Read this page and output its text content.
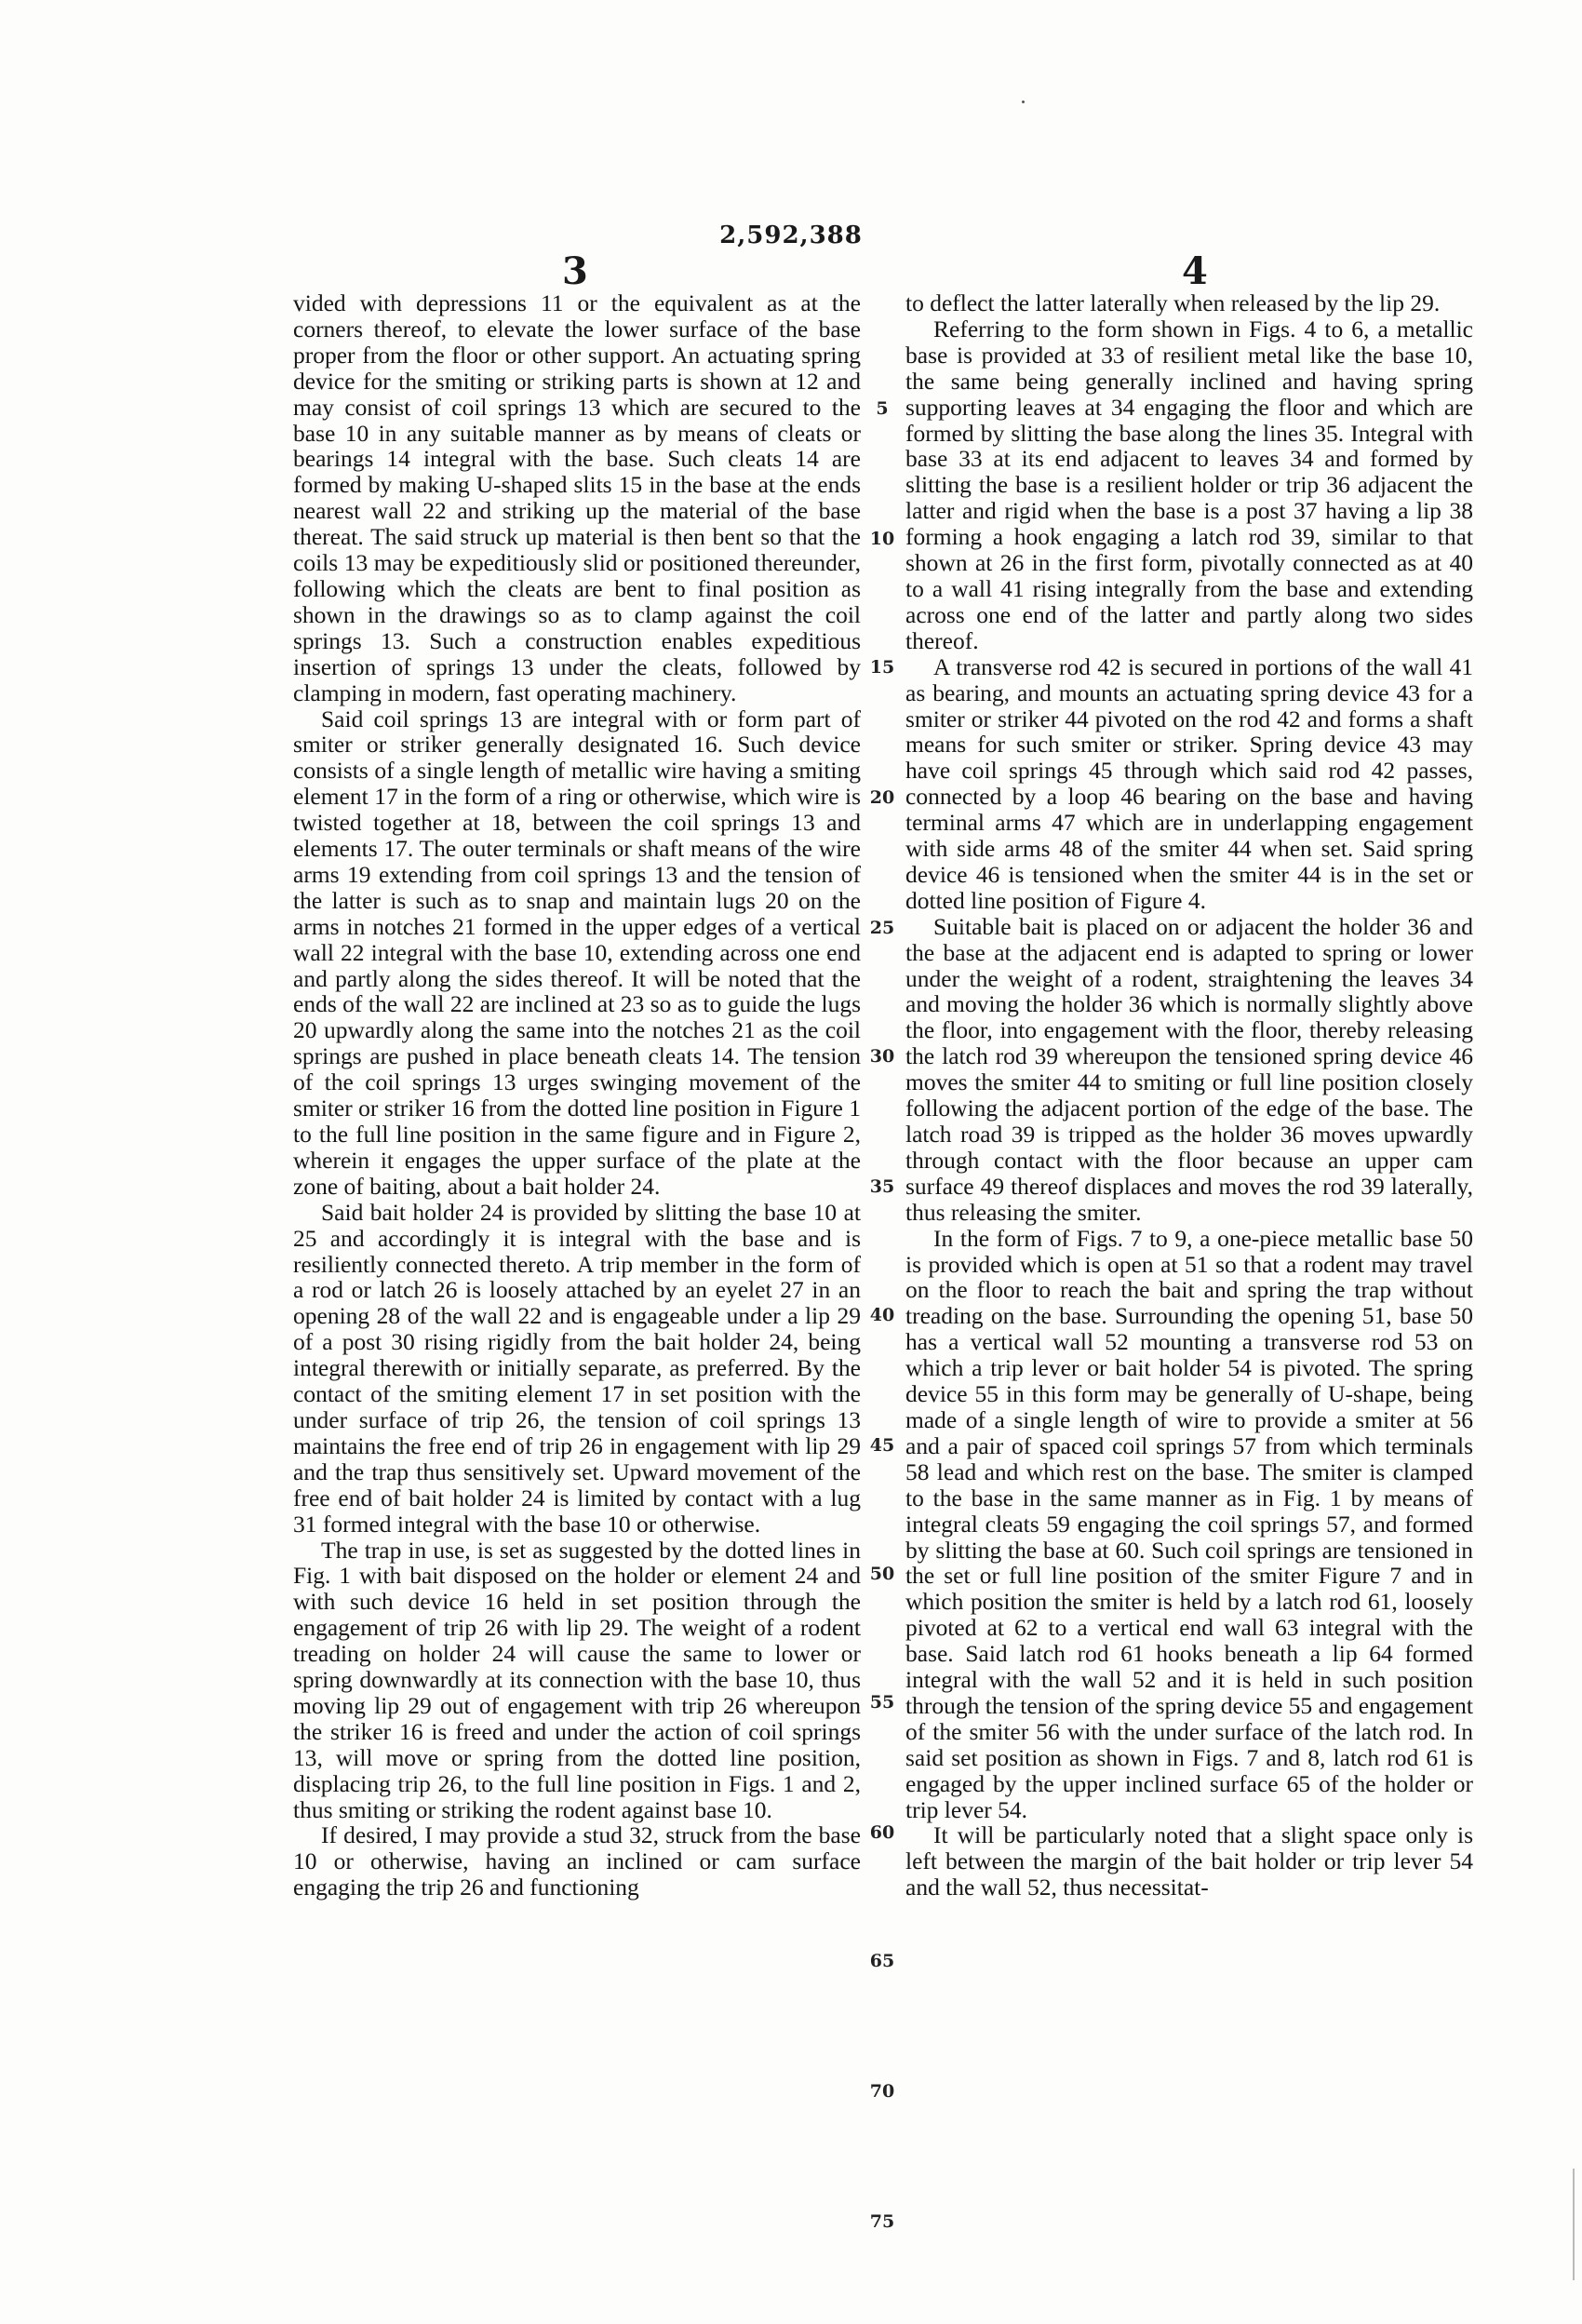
2,592,388
3	4

vided with depressions 11 or the equivalent as at the corners thereof, to elevate the lower surface of the base proper from the floor or other support. An actuating spring device for the smiting or striking parts is shown at 12 and may consist of coil springs 13 which are secured to the base 10 in any suitable manner as by means of cleats or bearings 14 integral with the base. Such cleats 14 are formed by making U-shaped slits 15 in the base at the ends nearest wall 22 and striking up the material of the base thereat. The said struck up material is then bent so that the coils 13 may be expeditiously slid or positioned thereunder, following which the cleats are bent to final position as shown in the drawings so as to clamp against the coil springs 13. Such a construction enables expeditious insertion of springs 13 under the cleats, followed by clamping in modern, fast operating machinery.

Said coil springs 13 are integral with or form part of smiter or striker generally designated 16. Such device consists of a single length of metallic wire having a smiting element 17 in the form of a ring or otherwise, which wire is twisted together at 18, between the coil springs 13 and elements 17. The outer terminals or shaft means of the wire arms 19 extending from coil springs 13 and the tension of the latter is such as to snap and maintain lugs 20 on the arms in notches 21 formed in the upper edges of a vertical wall 22 integral with the base 10, extending across one end and partly along the sides thereof. It will be noted that the ends of the wall 22 are inclined at 23 so as to guide the lugs 20 upwardly along the same into the notches 21 as the coil springs are pushed in place beneath cleats 14. The tension of the coil springs 13 urges swinging movement of the smiter or striker 16 from the dotted line position in Figure 1 to the full line position in the same figure and in Figure 2, wherein it engages the upper surface of the plate at the zone of baiting, about a bait holder 24.

Said bait holder 24 is provided by slitting the base 10 at 25 and accordingly it is integral with the base and is resiliently connected thereto. A trip member in the form of a rod or latch 26 is loosely attached by an eyelet 27 in an opening 28 of the wall 22 and is engageable under a lip 29 of a post 30 rising rigidly from the bait holder 24, being integral therewith or initially separate, as preferred. By the contact of the smiting element 17 in set position with the under surface of trip 26, the tension of coil springs 13 maintains the free end of trip 26 in engagement with lip 29 and the trap thus sensitively set. Upward movement of the free end of bait holder 24 is limited by contact with a lug 31 formed integral with the base 10 or otherwise.

The trap in use, is set as suggested by the dotted lines in Fig. 1 with bait disposed on the holder or element 24 and with such device 16 held in set position through the engagement of trip 26 with lip 29. The weight of a rodent treading on holder 24 will cause the same to lower or spring downwardly at its connection with the base 10, thus moving lip 29 out of engagement with trip 26 whereupon the striker 16 is freed and under the action of coil springs 13, will move or spring from the dotted line position, displacing trip 26, to the full line position in Figs. 1 and 2, thus smiting or striking the rodent against base 10.

If desired, I may provide a stud 32, struck from the base 10 or otherwise, having an inclined or cam surface engaging the trip 26 and functioning

5
10
15
20
25
30
35
40
45
50
55
60
65
70
75

to deflect the latter laterally when released by the lip 29.

Referring to the form shown in Figs. 4 to 6, a metallic base is provided at 33 of resilient metal like the base 10, the same being generally inclined and having spring supporting leaves at 34 engaging the floor and which are formed by slitting the base along the lines 35. Integral with base 33 at its end adjacent to leaves 34 and formed by slitting the base is a resilient holder or trip 36 adjacent the latter and rigid when the base is a post 37 having a lip 38 forming a hook engaging a latch rod 39, similar to that shown at 26 in the first form, pivotally connected as at 40 to a wall 41 rising integrally from the base and extending across one end of the latter and partly along two sides thereof.

A transverse rod 42 is secured in portions of the wall 41 as bearing, and mounts an actuating spring device 43 for a smiter or striker 44 pivoted on the rod 42 and forms a shaft means for such smiter or striker. Spring device 43 may have coil springs 45 through which said rod 42 passes, connected by a loop 46 bearing on the base and having terminal arms 47 which are in underlapping engagement with side arms 48 of the smiter 44 when set. Said spring device 46 is tensioned when the smiter 44 is in the set or dotted line position of Figure 4.

Suitable bait is placed on or adjacent the holder 36 and the base at the adjacent end is adapted to spring or lower under the weight of a rodent, straightening the leaves 34 and moving the holder 36 which is normally slightly above the floor, into engagement with the floor, thereby releasing the latch rod 39 whereupon the tensioned spring device 46 moves the smiter 44 to smiting or full line position closely following the adjacent portion of the edge of the base. The latch road 39 is tripped as the holder 36 moves upwardly through contact with the floor because an upper cam surface 49 thereof displaces and moves the rod 39 laterally, thus releasing the smiter.

In the form of Figs. 7 to 9, a one-piece metallic base 50 is provided which is open at 51 so that a rodent may travel on the floor to reach the bait and spring the trap without treading on the base. Surrounding the opening 51, base 50 has a vertical wall 52 mounting a transverse rod 53 on which a trip lever or bait holder 54 is pivoted. The spring device 55 in this form may be generally of U-shape, being made of a single length of wire to provide a smiter at 56 and a pair of spaced coil springs 57 from which terminals 58 lead and which rest on the base. The smiter is clamped to the base in the same manner as in Fig. 1 by means of integral cleats 59 engaging the coil springs 57, and formed by slitting the base at 60. Such coil springs are tensioned in the set or full line position of the smiter Figure 7 and in which position the smiter is held by a latch rod 61, loosely pivoted at 62 to a vertical end wall 63 integral with the base. Said latch rod 61 hooks beneath a lip 64 formed integral with the wall 52 and it is held in such position through the tension of the spring device 55 and engagement of the smiter 56 with the under surface of the latch rod. In said set position as shown in Figs. 7 and 8, latch rod 61 is engaged by the upper inclined surface 65 of the holder or trip lever 54.

It will be particularly noted that a slight space only is left between the margin of the bait holder or trip lever 54 and the wall 52, thus necessitat-
